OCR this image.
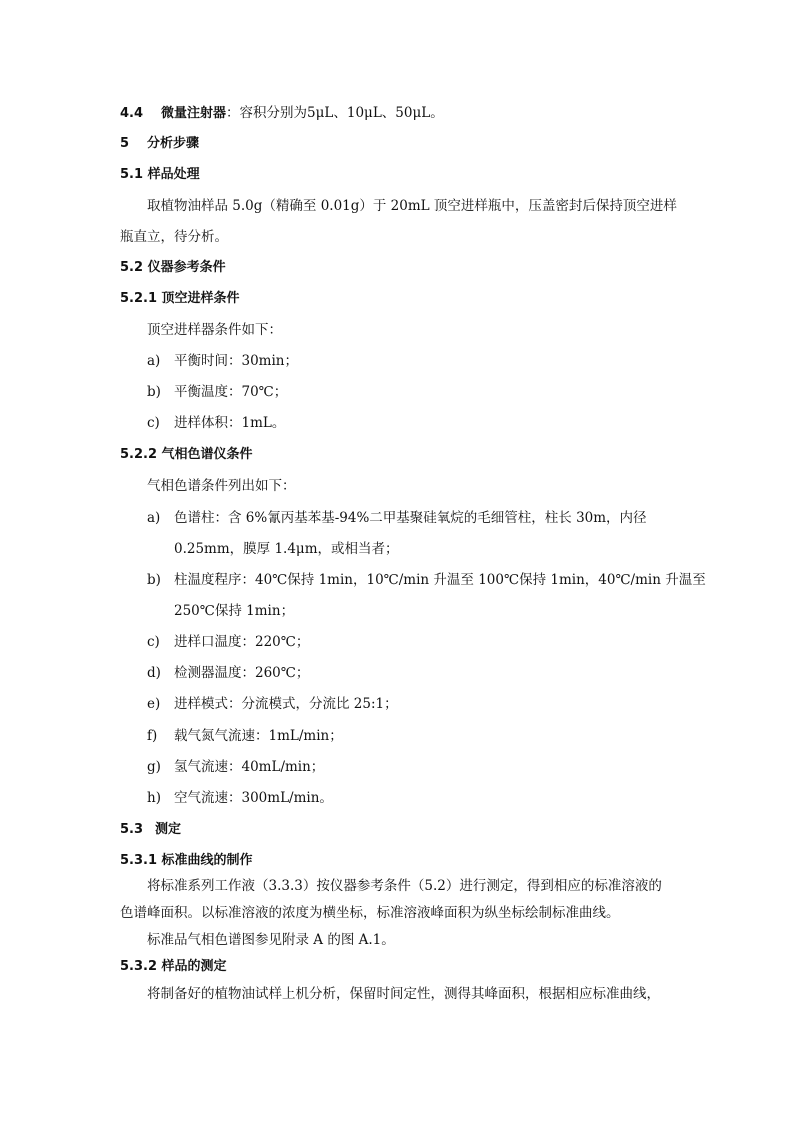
4.4 微量注射器：容积分别为5μL、10μL、50μL。
5 分析步骤
5.1 样品处理
取植物油样品 5.0g（精确至 0.01g）于 20mL 顶空进样瓶中，压盖密封后保持顶空进样
瓶直立，待分析。
5.2 仪器参考条件
5.2.1 顶空进样条件
顶空进样器条件如下：
a) 平衡时间：30min；
b) 平衡温度：70℃；
c) 进样体积：1mL。
5.2.2 气相色谱仪条件
气相色谱条件列出如下：
a) 色谱柱：含 6%氰丙基苯基-94%二甲基聚硅氧烷的毛细管柱，柱长 30m，内径
0.25mm，膜厚 1.4μm，或相当者；
b) 柱温度程序：40℃保持 1min，10℃/min 升温至 100℃保持 1min，40℃/min 升温至
250℃保持 1min；
c) 进样口温度：220℃；
d) 检测器温度：260℃；
e) 进样模式：分流模式，分流比 25:1；
f) 载气氮气流速：1mL/min；
g) 氢气流速：40mL/min；
h) 空气流速：300mL/min。
5.3 测定
5.3.1 标准曲线的制作
将标准系列工作液（3.3.3）按仪器参考条件（5.2）进行测定，得到相应的标准溶液的
色谱峰面积。以标准溶液的浓度为横坐标，标准溶液峰面积为纵坐标绘制标准曲线。
标准品气相色谱图参见附录 A 的图 A.1。
5.3.2 样品的测定
将制备好的植物油试样上机分析，保留时间定性，测得其峰面积，根据相应标准曲线，
